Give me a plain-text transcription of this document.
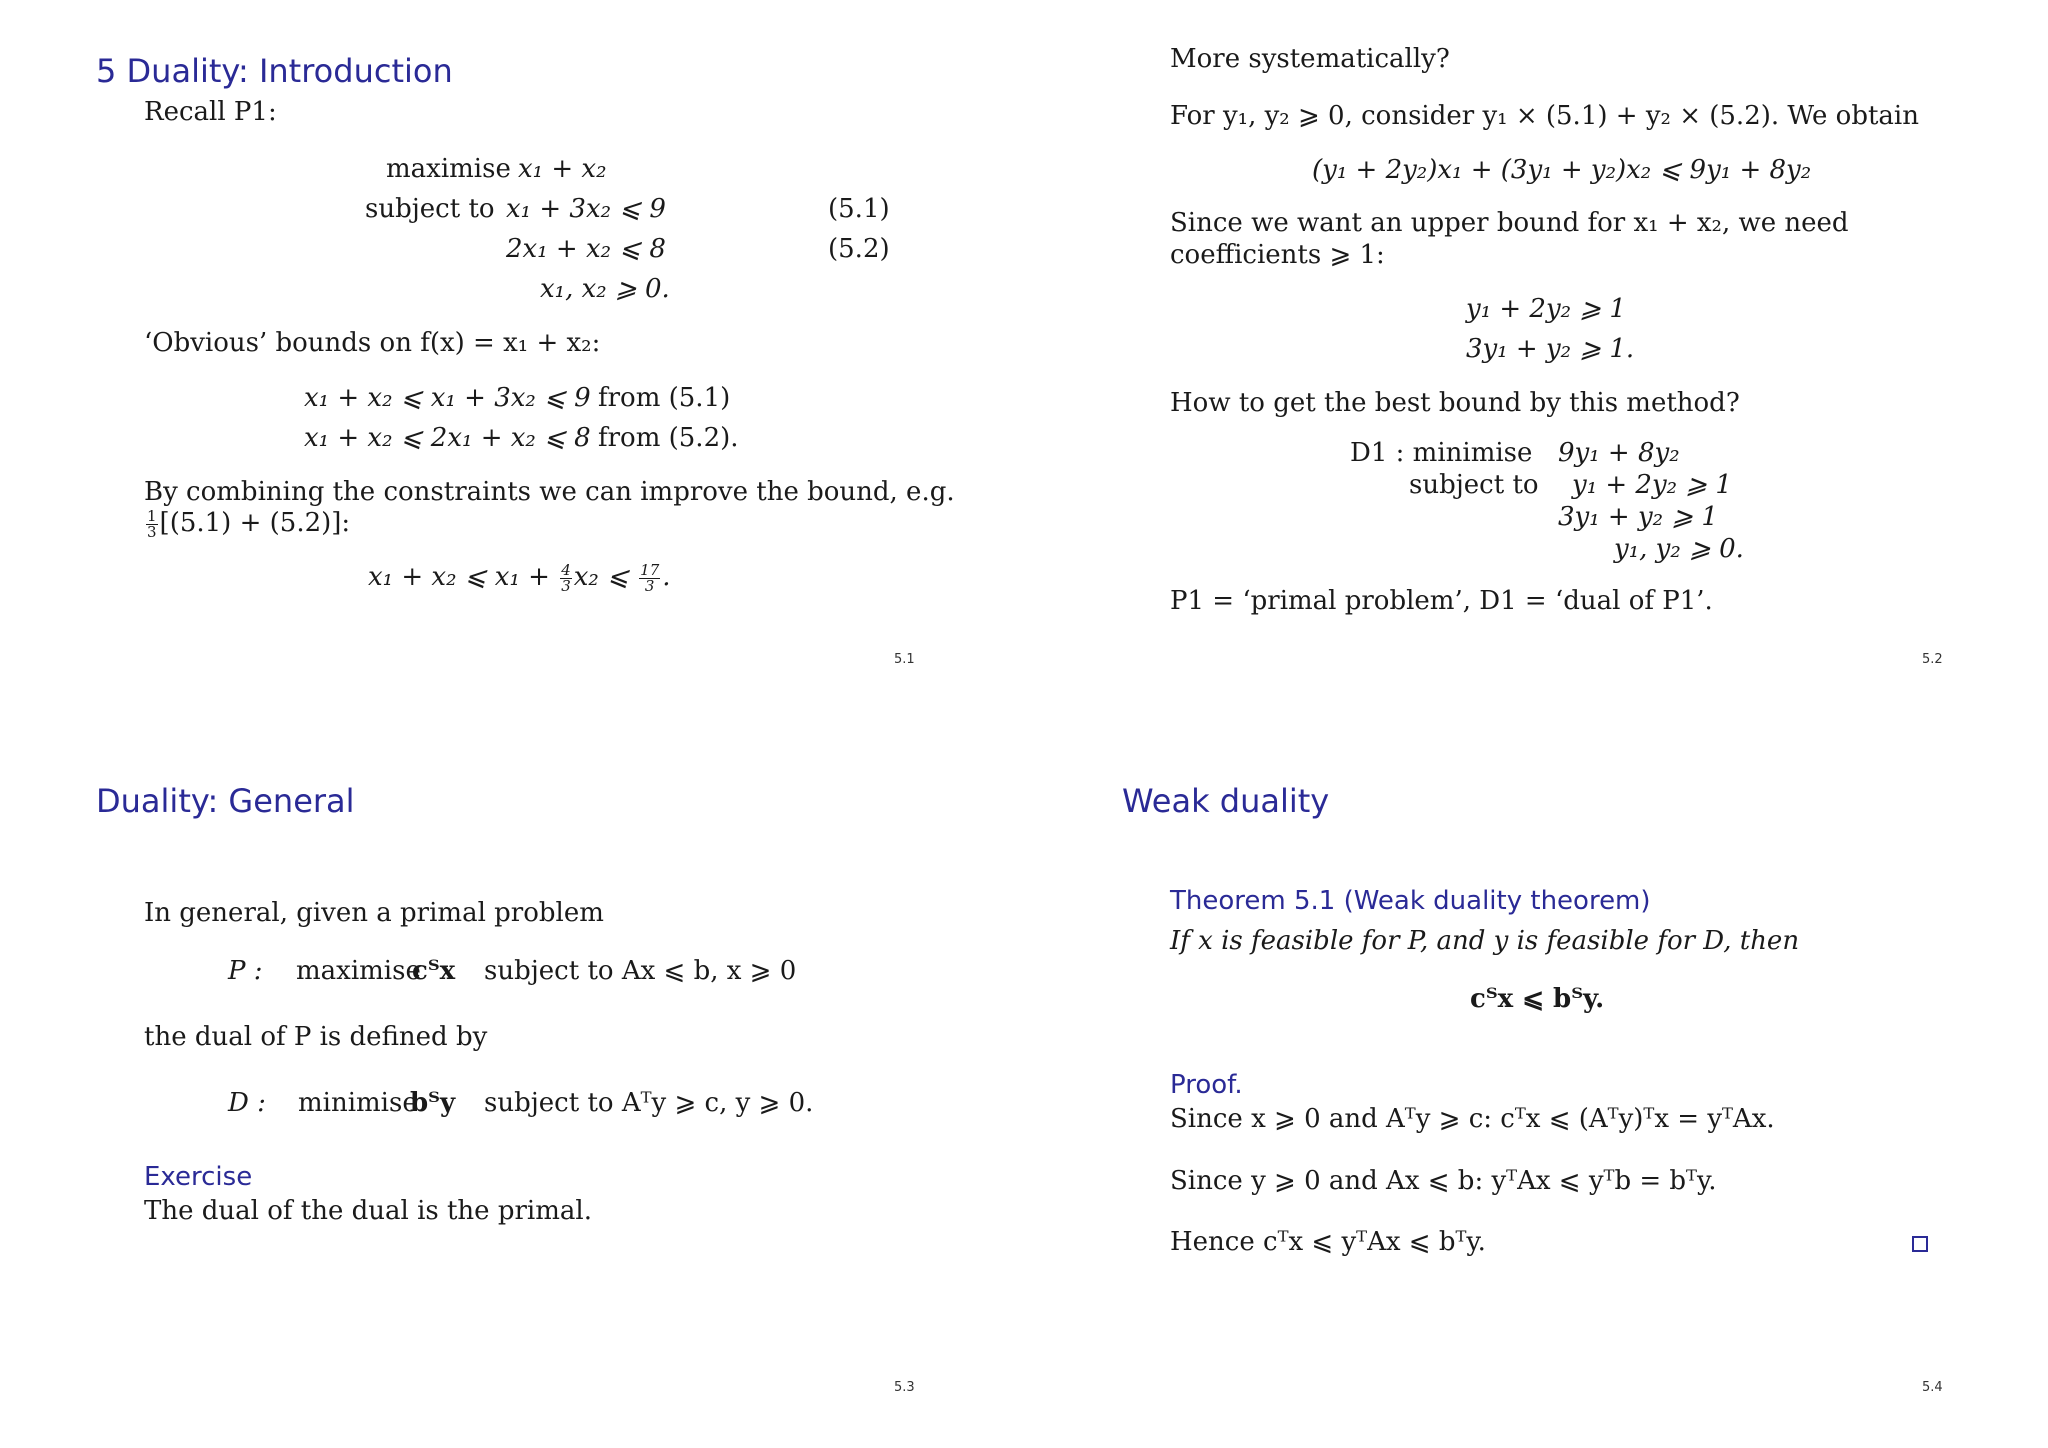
5 Duality: Introduction
Recall P1:
maximise x₁ + x₂
subject to x₁ + 3x₂ ⩽ 9	(5.1)
2x₁ + x₂ ⩽ 8	(5.2)
x₁, x₂ ⩾ 0.
‘Obvious’ bounds on f(x) = x₁ + x₂:
x₁ + x₂ ⩽ x₁ + 3x₂ ⩽ 9 from (5.1)
x₁ + x₂ ⩽ 2x₁ + x₂ ⩽ 8 from (5.2).
By combining the constraints we can improve the bound, e.g.
$\frac{1}{3} [(5.1) + (5.2)]$:
x₁ + x₂ ⩽ $x_1 + \frac{4}{3} x_2$ ⩽ $\frac{17}{3}$ .
5.1
More systematically?
For y₁, y₂ ⩾ 0, consider y₁ × (5.1) + y₂ × (5.2). We obtain
(y₁ + 2y₂)x₁ + (3y₁ + y₂)x₂ ⩽ 9y₁ + 8y₂
Since we want an upper bound for x₁ + x₂, we need
coefficients ⩾ 1:
y₁ + 2y₂ ⩾ 1
3y₁ + y₂ ⩾ 1.
How to get the best bound by this method?
D1 : minimise 9y₁ + 8y₂
subject to y₁ + 2y₂ ⩾ 1
3y₁ + y₂ ⩾ 1
y₁, y₂ ⩾ 0.
P1 = ‘primal problem’, D1 = ‘dual of P1’.
5.2
Duality: General
In general, given a primal problem
P : maximise
cᵀx subject to Ax ⩽ b, x ⩾ 0
the dual of P is defined by
D : minimise
bᵀy subject to Aᵀy ⩾ c, y ⩾ 0.
Exercise
The dual of the dual is the primal.
5.3
Weak duality
Theorem 5.1 (Weak duality theorem)
If x is feasible for P, and y is feasible for D, then
cᵀx ⩽ bᵀy.
Proof.
Since x ⩾ 0 and Aᵀy ⩾ c: cᵀx ⩽ (Aᵀy)ᵀx = yᵀAx.
Since y ⩾ 0 and Ax ⩽ b: yᵀAx ⩽ yᵀb = bᵀy.
Hence cᵀx ⩽ yᵀAx ⩽ bᵀy.
5.4
